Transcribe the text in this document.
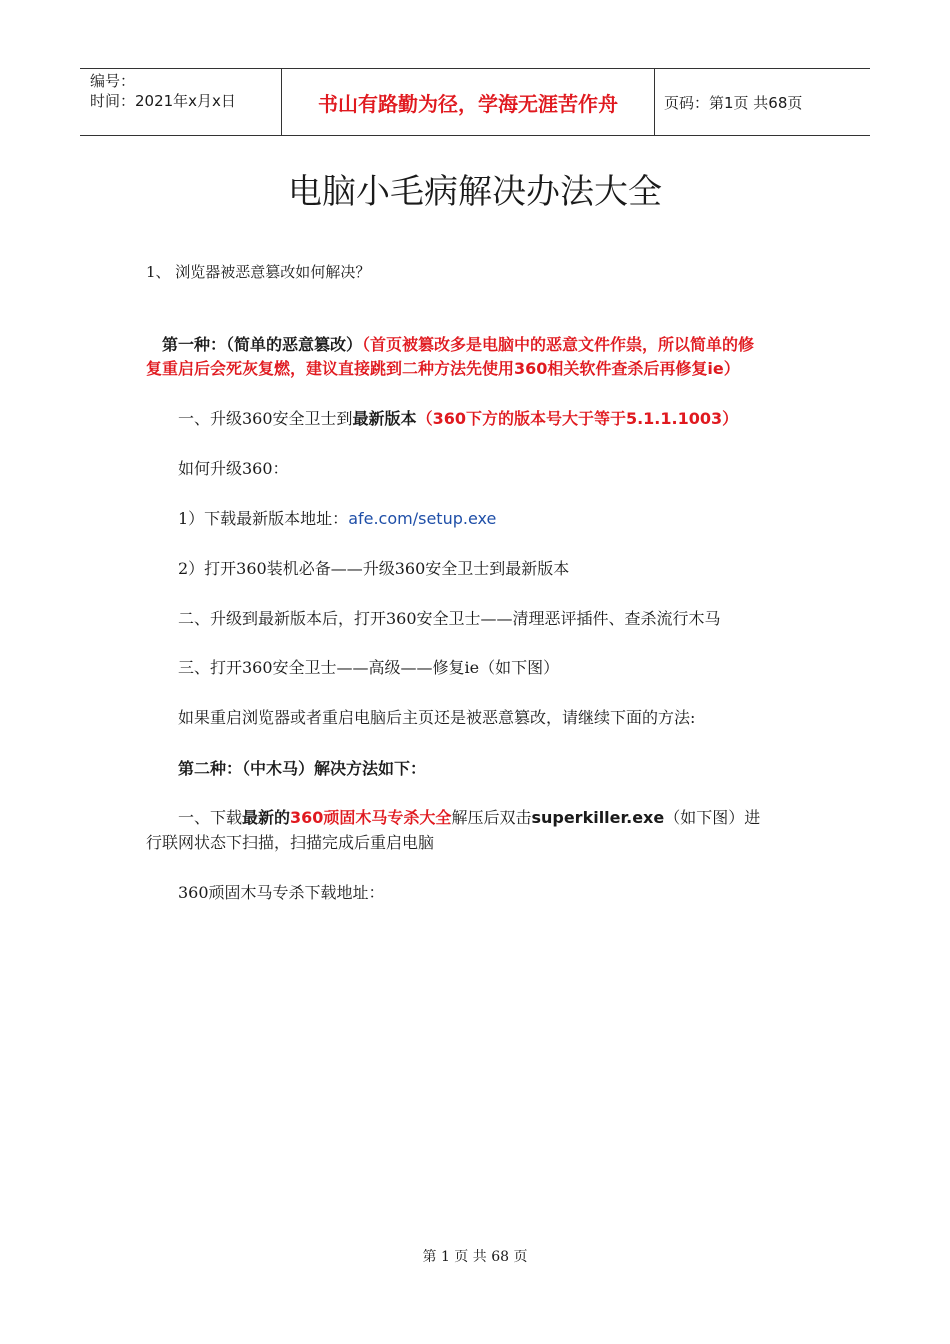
编号：
时间：2021年x月x日	书山有路勤为径，学海无涯苦作舟	页码：第1页 共68页
电脑小毛病解决办法大全
1、 浏览器被恶意篡改如何解决？
第一种：（简单的恶意篡改）（首页被篡改多是电脑中的恶意文件作祟，所以简单的修
复重启后会死灰复燃，建议直接跳到二种方法先使用360相关软件查杀后再修复ie）
一、升级360安全卫士到最新版本（360下方的版本号大于等于5.1.1.1003）
如何升级360：
1）下载最新版本地址：afe.com/setup.exe
2）打开360装机必备——升级360安全卫士到最新版本
二、升级到最新版本后，打开360安全卫士——清理恶评插件、查杀流行木马
三、打开360安全卫士——高级——修复ie（如下图）
如果重启浏览器或者重启电脑后主页还是被恶意篡改，请继续下面的方法:
第二种：（中木马）解决方法如下：
一、下载最新的360顽固木马专杀大全解压后双击superkiller.exe（如下图）进
行联网状态下扫描，扫描完成后重启电脑
360顽固木马专杀下载地址：
第 1 页 共 68 页
